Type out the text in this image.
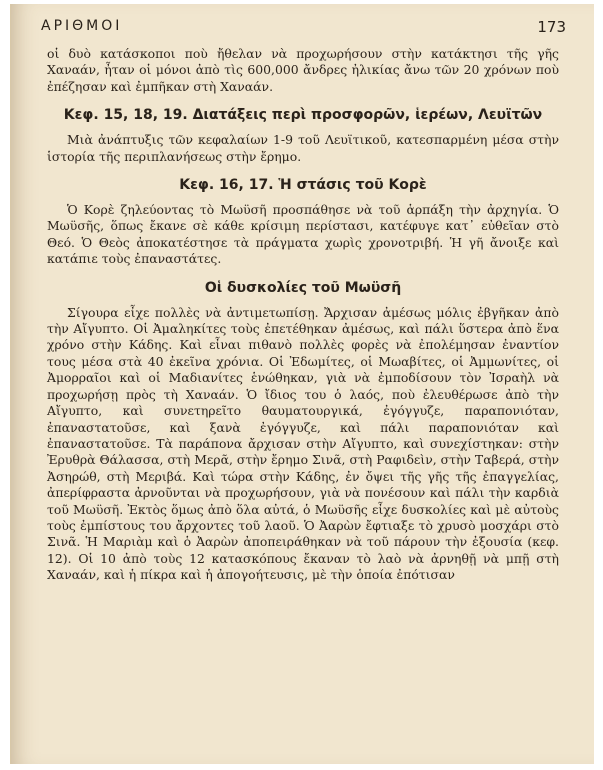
ΑΡΙΘΜΟΙ	173

οἱ δυὸ κατάσκοποι ποὺ ἤθελαν νὰ προχωρήσουν στὴν κατάκτησι τῆς γῆς Χαναάν, ἦταν οἱ μόνοι ἀπὸ τὶς 600,000 ἄνδρες ἠλικίας ἄνω τῶν 20 χρόνων ποὺ ἐπέζησαν καὶ ἐμπῆκαν στὴ Χαναάν.

Κεφ. 15, 18, 19. Διατάξεις περὶ προσφορῶν, ἱερέων, Λευϊτῶν

Μιὰ ἀνάπτυξις τῶν κεφαλαίων 1-9 τοῦ Λευϊτικοῦ, κατεσπαρμένη μέσα στὴν ἱστορία τῆς περιπλανήσεως στὴν ἔρημο.

Κεφ. 16, 17. Ἡ στάσις τοῦ Κορὲ

Ὁ Κορὲ ζηλεύοντας τὸ Μωϋσῆ προσπάθησε νὰ τοῦ ἁρπάξη τὴν ἀρχηγία. Ὁ Μωϋσῆς, ὅπως ἔκανε σὲ κάθε κρίσιμη περίστασι, κατέφυγε κατ᾽ εὐθεῖαν στὸ Θεό. Ὁ Θεὸς ἀποκατέστησε τὰ πράγματα χωρὶς χρονοτριβή. Ἡ γῆ ἄνοιξε καὶ κατάπιε τοὺς ἐπαναστάτες.

Οἱ δυσκολίες τοῦ Μωϋσῆ

Σίγουρα εἶχε πολλὲς νὰ ἀντιμετωπίσῃ. Ἄρχισαν ἀμέσως μόλις ἐβγῆκαν ἀπὸ τὴν Αἴγυπτο. Οἱ Ἀμαληκίτες τοὺς ἐπετέθηκαν ἀμέσως, καὶ πάλι ὕστερα ἀπὸ ἕνα χρόνο στὴν Κάδης. Καὶ εἶναι πιθανὸ πολλὲς φορὲς νὰ ἐπολέμησαν ἐναντίον τους μέσα στὰ 40 ἐκεῖνα χρόνια. Οἱ Ἐδωμίτες, οἱ Μωαβίτες, οἱ Ἀμμωνίτες, οἱ Ἀμορραῖοι καὶ οἱ Μαδιανίτες ἑνώθηκαν, γιὰ νὰ ἐμποδίσουν τὸν Ἰσραὴλ νὰ προχωρήσῃ πρὸς τὴ Χαναάν. Ὁ ἴδιος του ὁ λαός, ποὺ ἐλευθέρωσε ἀπὸ τὴν Αἴγυπτο, καὶ συνετηρεῖτο θαυματουργικά, ἐγόγγυζε, παραπονιόταν, ἐπαναστατοῦσε, καὶ ξανὰ ἐγόγγυζε, καὶ πάλι παραπονιόταν καὶ ἐπαναστατοῦσε. Τὰ παράπονα ἄρχισαν στὴν Αἴγυπτο, καὶ συνεχίστηκαν: στὴν Ἐρυθρὰ Θάλασσα, στὴ Μερᾶ, στὴν ἔρημο Σινᾶ, στὴ Ραφιδεὶν, στὴν Ταβερά, στὴν Ἀσηρώθ, στὴ Μεριβά. Καὶ τώρα στὴν Κάδης, ἐν ὄψει τῆς γῆς τῆς ἐπαγγελίας, ἀπερίφραστα ἀρνοῦνται νὰ προχωρήσουν, γιὰ νὰ πονέσουν καὶ πάλι τὴν καρδιὰ τοῦ Μωϋσῆ. Ἐκτὸς ὅμως ἀπὸ ὅλα αὐτά, ὁ Μωϋσῆς εἶχε δυσκολίες καὶ μὲ αὐτοὺς τοὺς ἐμπίστους του ἄρχοντες τοῦ λαοῦ. Ὁ Ἀαρὼν ἔφτιαξε τὸ χρυσὸ μοσχάρι στὸ Σινᾶ. Ἡ Μαριὰμ καὶ ὁ Ἀαρὼν ἀποπειράθηκαν νὰ τοῦ πάρουν τὴν ἐξουσία (κεφ. 12). Οἱ 10 ἀπὸ τοὺς 12 κατασκόπους ἔκαναν τὸ λαὸ νὰ ἀρνηθῇ νὰ μπῇ στὴ Χαναάν, καὶ ἡ πίκρα καὶ ἡ ἀπογοήτευσις, μὲ τὴν ὁποία ἐπότισαν
